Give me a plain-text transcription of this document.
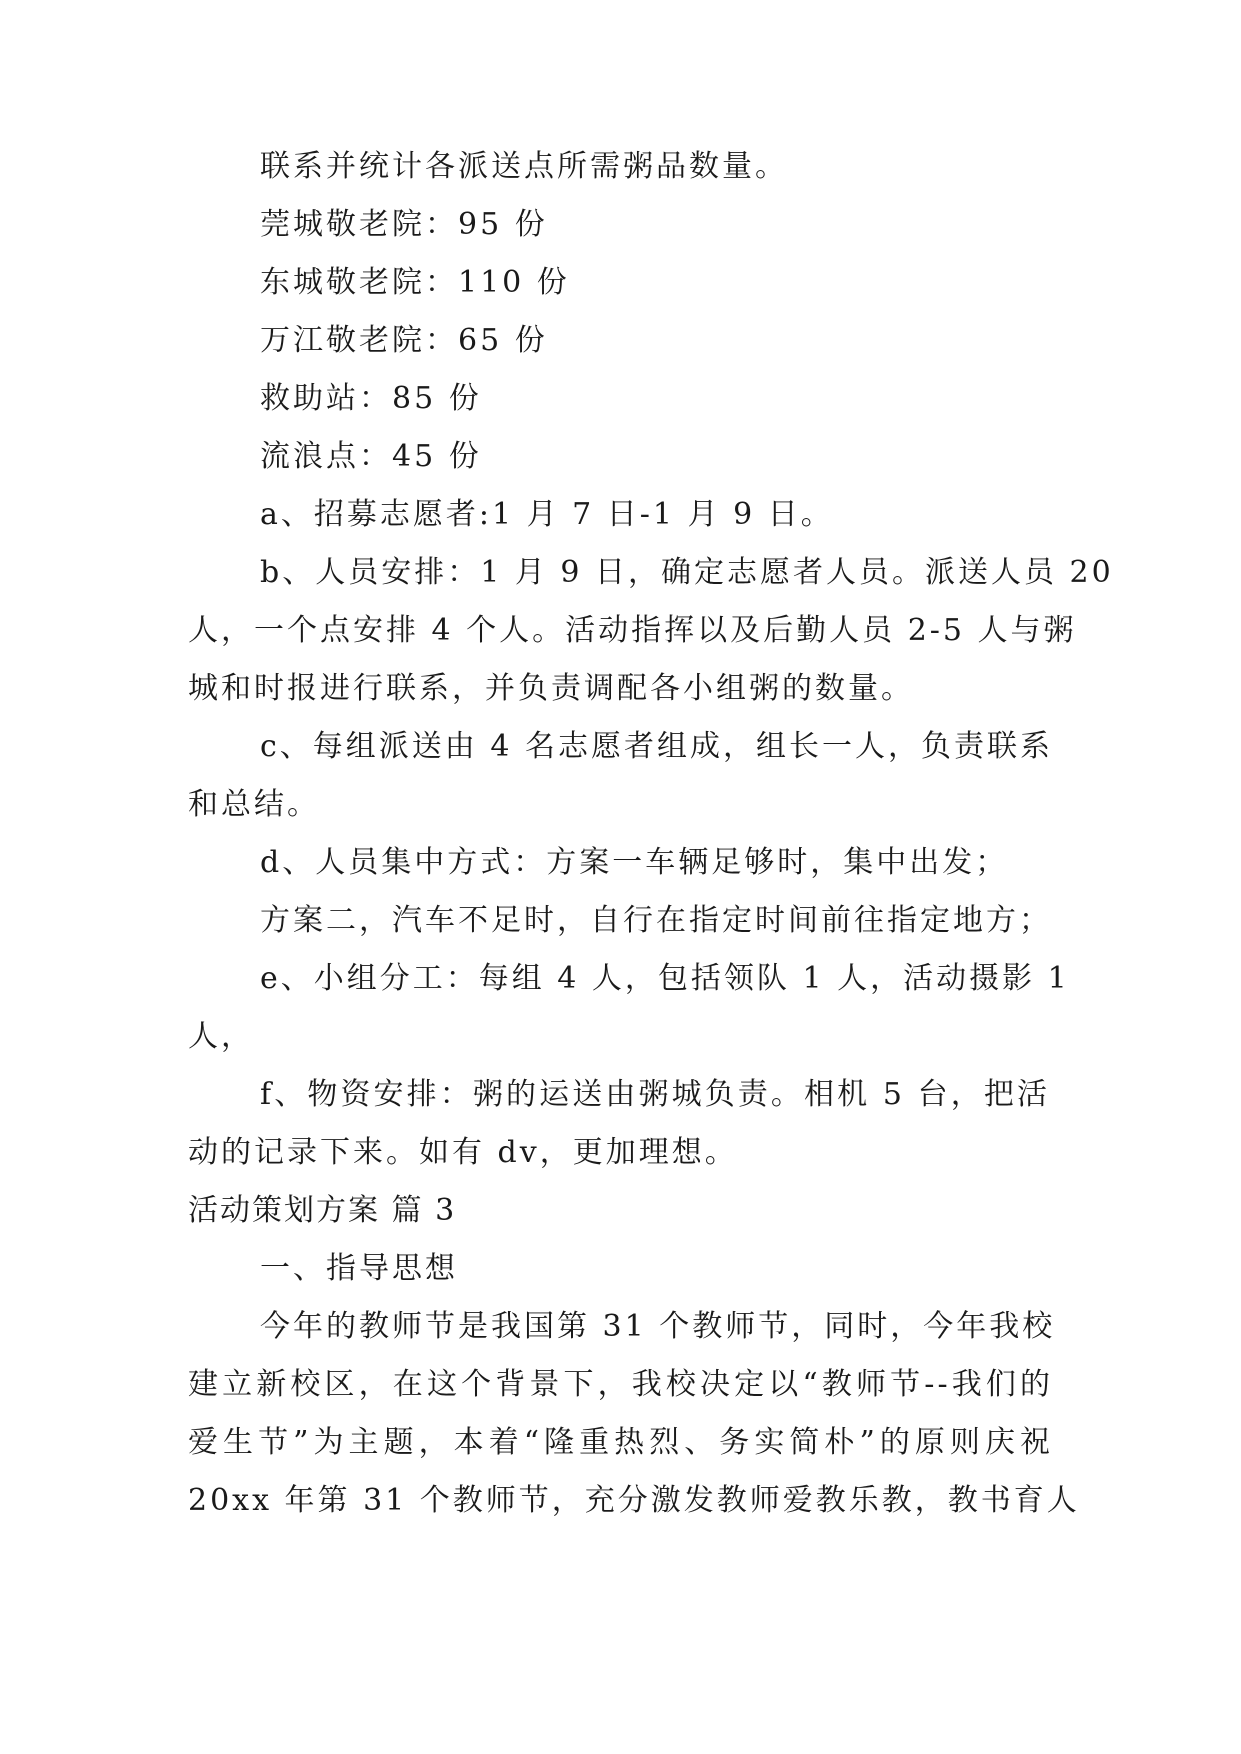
联系并统计各派送点所需粥品数量。
莞城敬老院：95 份
东城敬老院：110 份
万江敬老院：65 份
救助站：85 份
流浪点：45 份
a、招募志愿者:1 月 7 日-1 月 9 日。
b、人员安排：1 月 9 日，确定志愿者人员。派送人员 20
人，一个点安排 4 个人。活动指挥以及后勤人员 2-5 人与粥
城和时报进行联系，并负责调配各小组粥的数量。
c、每组派送由 4 名志愿者组成，组长一人，负责联系
和总结。
d、人员集中方式：方案一车辆足够时，集中出发；
方案二，汽车不足时，自行在指定时间前往指定地方；
e、小组分工：每组 4 人，包括领队 1 人，活动摄影 1
人，
f、物资安排：粥的运送由粥城负责。相机 5 台，把活
动的记录下来。如有 dv，更加理想。
活动策划方案 篇 3
一、指导思想
今年的教师节是我国第 31 个教师节，同时，今年我校
建立新校区，在这个背景下，我校决定以“教师节--我们的
爱生节”为主题，本着“隆重热烈、务实简朴”的原则庆祝
20xx 年第 31 个教师节，充分激发教师爱教乐教，教书育人
